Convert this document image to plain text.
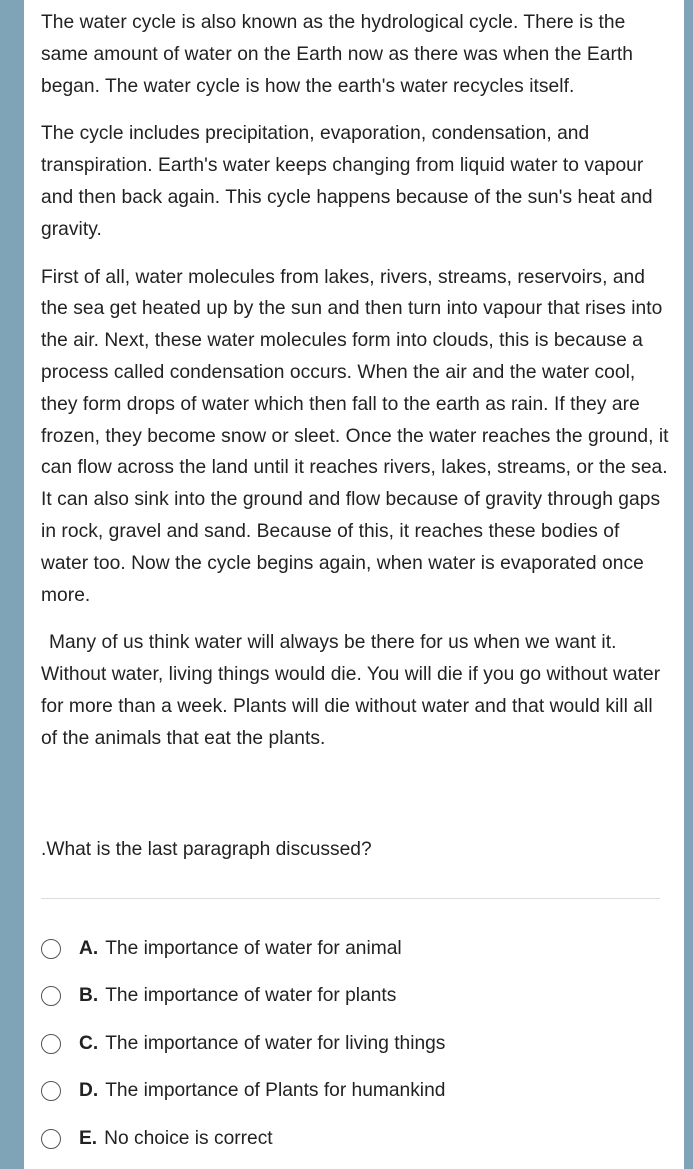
The water cycle is also known as the hydrological cycle. There is the same amount of water on the Earth now as there was when the Earth began. The water cycle is how the earth's water recycles itself.

The cycle includes precipitation, evaporation, condensation, and transpiration. Earth's water keeps changing from liquid water to vapour and then back again. This cycle happens because of the sun's heat and gravity.

First of all, water molecules from lakes, rivers, streams, reservoirs, and the sea get heated up by the sun and then turn into vapour that rises into the air. Next, these water molecules form into clouds, this is because a process called condensation occurs. When the air and the water cool, they form drops of water which then fall to the earth as rain. If they are frozen, they become snow or sleet. Once the water reaches the ground, it can flow across the land until it reaches rivers, lakes, streams, or the sea. It can also sink into the ground and flow because of gravity through gaps in rock, gravel and sand. Because of this, it reaches these bodies of water too. Now the cycle begins again, when water is evaporated once more.

Many of us think water will always be there for us when we want it. Without water, living things would die. You will die if you go without water for more than a week. Plants will die without water and that would kill all of the animals that eat the plants.

.What is the last paragraph discussed?
A. The importance of water for animal
B. The importance of water for plants
C. The importance of water for living things
D. The importance of Plants for humankind
E. No choice is correct
